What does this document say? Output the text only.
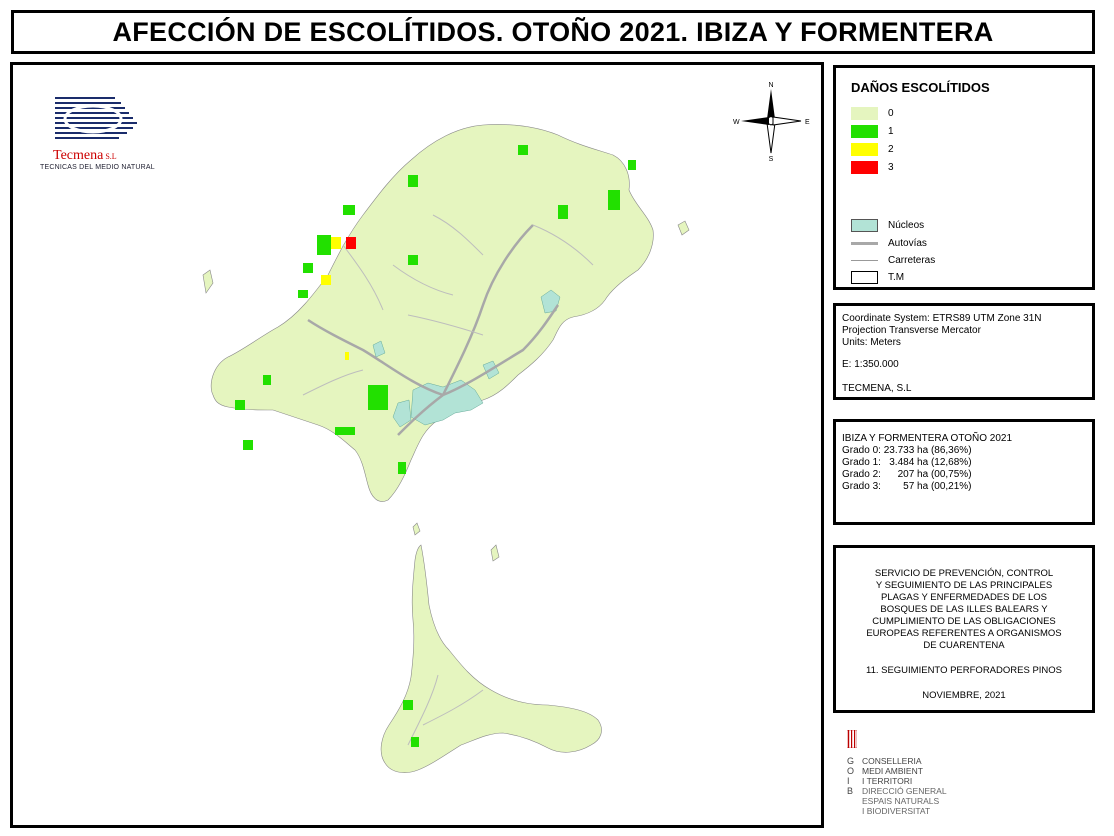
AFECCIÓN DE ESCOLÍTIDOS. OTOÑO 2021. IBIZA Y FORMENTERA
Tecmena S.L
TECNICAS DEL MEDIO NATURAL
N
S
E
W
DAÑOS ESCOLÍTIDOS
0
1
2
3
Núcleos
Autovías
Carreteras
T.M
Coordinate System: ETRS89 UTM Zone 31N
Projection Transverse Mercator
Units: Meters
E: 1:350.000
TECMENA, S.L
IBIZA Y FORMENTERA OTOÑO 2021
Grado 0: 23.733 ha (86,36%)
Grado 1:   3.484 ha (12,68%)
Grado 2:      207 ha (00,75%)
Grado 3:        57 ha (00,21%)
SERVICIO DE PREVENCIÓN, CONTROL
Y SEGUIMIENTO DE LAS PRINCIPALES
PLAGAS Y ENFERMEDADES DE LOS
BOSQUES DE LAS ILLES BALEARS Y
CUMPLIMIENTO DE LAS OBLIGACIONES
EUROPEAS REFERENTES A ORGANISMOS
DE CUARENTENA
11. SEGUIMIENTO PERFORADORES PINOS
NOVIEMBRE, 2021
G
O
I
B
CONSELLERIA
MEDI AMBIENT
I TERRITORI
DIRECCIÓ GENERAL
ESPAIS NATURALS
I BIODIVERSITAT
